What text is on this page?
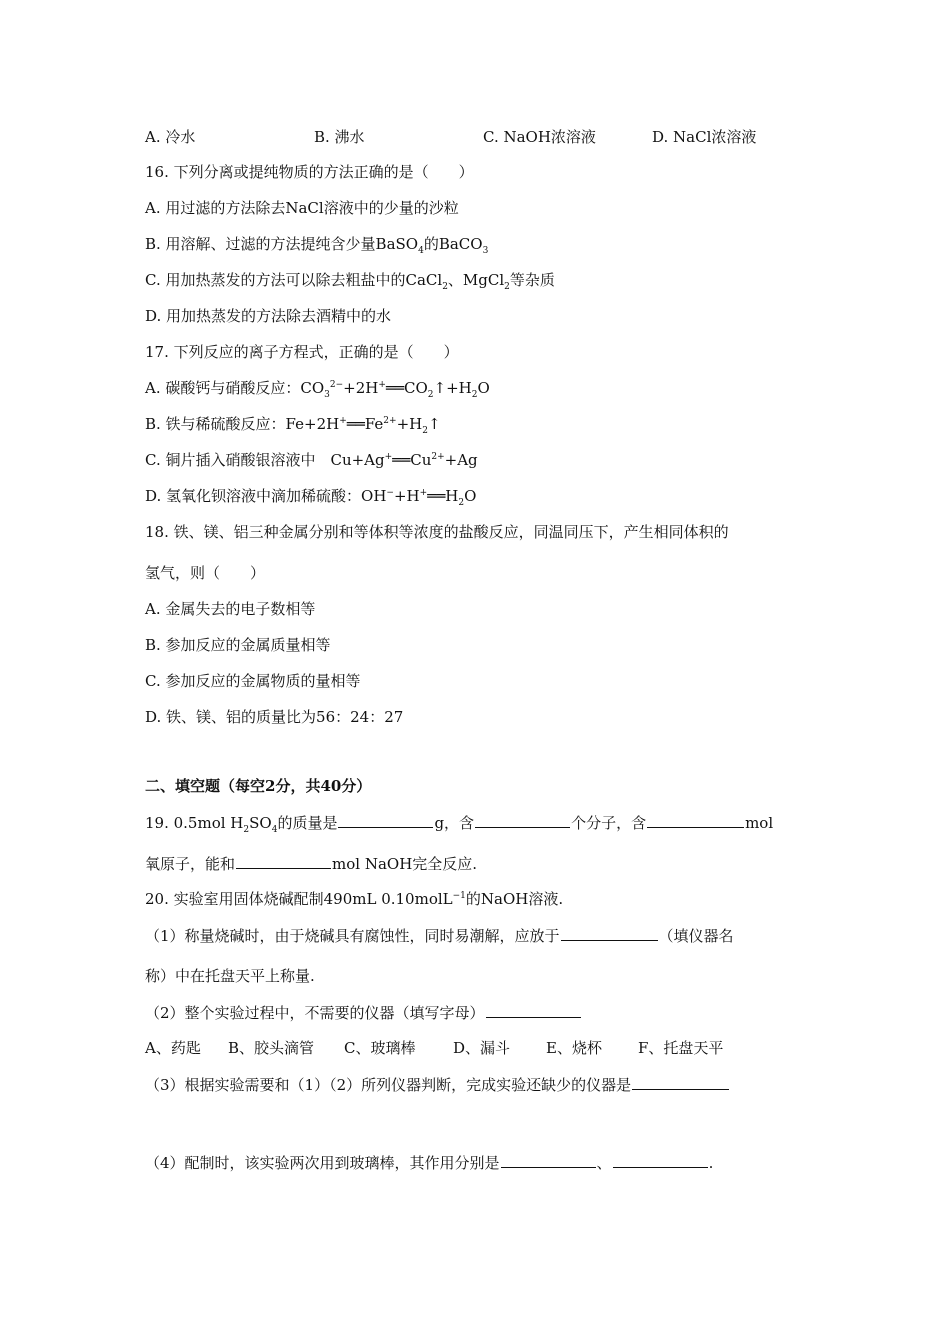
A. 冷水	B. 沸水	C. NaOH浓溶液	D. NaCl浓溶液
16. 下列分离或提纯物质的方法正确的是（　　）
A. 用过滤的方法除去NaCl溶液中的少量的沙粒
B. 用溶解、过滤的方法提纯含少量BaSO$_4$的BaCO$_3$
C. 用加热蒸发的方法可以除去粗盐中的CaCl$_2$、MgCl$_2$等杂质
D. 用加热蒸发的方法除去酒精中的水
17. 下列反应的离子方程式，正确的是（　　）
A. 碳酸钙与硝酸反应：$CO_3^{2-}+2H^+══CO_2↑+H_2O$
B. 铁与稀硫酸反应：$Fe+2H^+══Fe^{2+}+H_2↑$
C. 铜片插入硝酸银溶液中　$Cu+Ag^+══Cu^{2+}+Ag$
D. 氢氧化钡溶液中滴加稀硫酸：$OH^-+H^+══H_2O$
18. 铁、镁、铝三种金属分别和等体积等浓度的盐酸反应，同温同压下，产生相同体积的
氢气，则（　　）
A. 金属失去的电子数相等
B. 参加反应的金属质量相等
C. 参加反应的金属物质的量相等
D. 铁、镁、铝的质量比为56：24：27
二、填空题（每空2分，共40分）
19. 0.5mol $H_2SO_4$的质量是	g，含	个分子，含	mol
氧原子，能和	mol NaOH完全反应.
20. 实验室用固体烧碱配制490mL 0.10molL$^{-1}$的NaOH溶液.
（1）称量烧碱时，由于烧碱具有腐蚀性，同时易潮解，应放于	（填仪器名
称）中在托盘天平上称量.
（2）整个实验过程中，不需要的仪器（填写字母）
A、药匙 B、胶头滴管 C、玻璃棒	D、漏斗 E、烧杯 F、托盘天平
（3）根据实验需要和（1）（2）所列仪器判断，完成实验还缺少的仪器是
（4）配制时，该实验两次用到玻璃棒，其作用分别是	、	.
